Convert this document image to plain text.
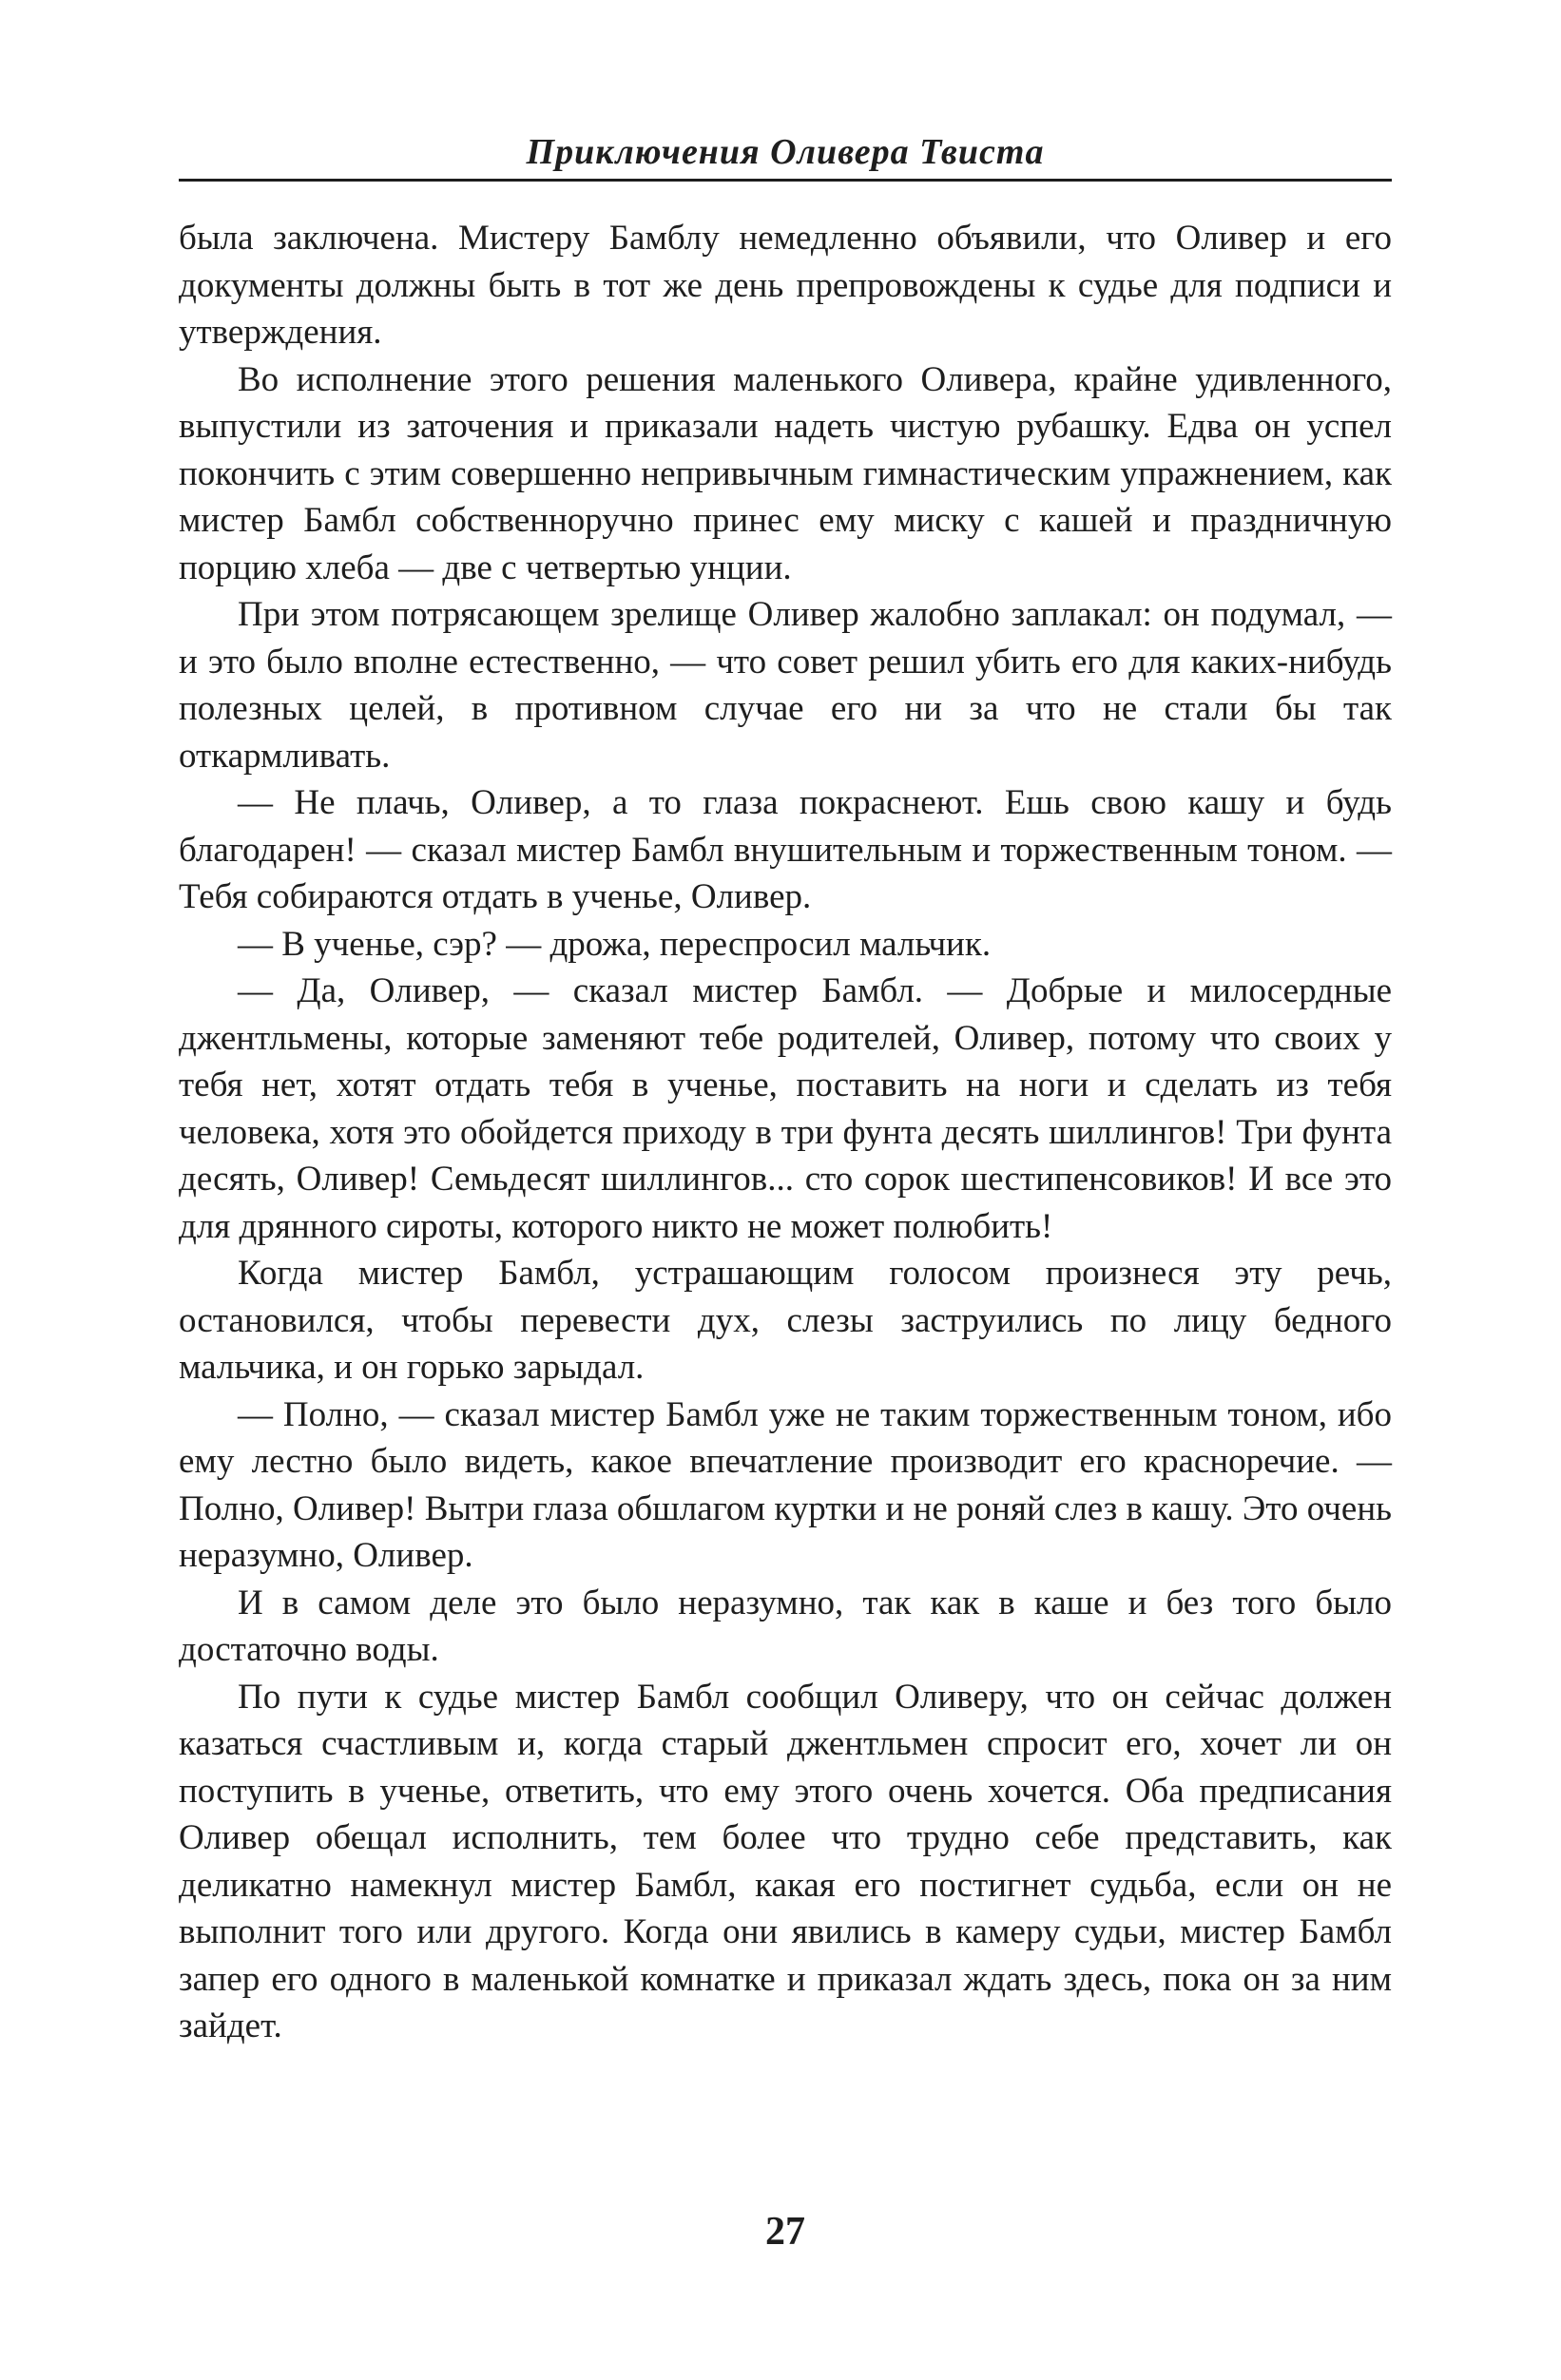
Приключения Оливера Твиста

была заключена. Мистеру Бамблу немедленно объявили, что Оливер и его документы должны быть в тот же день препровождены к судье для подписи и утверждения.

Во исполнение этого решения маленького Оливера, крайне удивленного, выпустили из заточения и приказали надеть чистую рубашку. Едва он успел покончить с этим совершенно непривычным гимнастическим упражнением, как мистер Бамбл собственноручно принес ему миску с кашей и праздничную порцию хлеба — две с четвертью унции.

При этом потрясающем зрелище Оливер жалобно заплакал: он подумал, — и это было вполне естественно, — что совет решил убить его для каких-нибудь полезных целей, в противном случае его ни за что не стали бы так откармливать.

— Не плачь, Оливер, а то глаза покраснеют. Ешь свою кашу и будь благодарен! — сказал мистер Бамбл внушительным и торжественным тоном. — Тебя собираются отдать в ученье, Оливер.

— В ученье, сэр? — дрожа, переспросил мальчик.

— Да, Оливер, — сказал мистер Бамбл. — Добрые и милосердные джентльмены, которые заменяют тебе родителей, Оливер, потому что своих у тебя нет, хотят отдать тебя в ученье, поставить на ноги и сделать из тебя человека, хотя это обойдется приходу в три фунта десять шиллингов! Три фунта десять, Оливер! Семьдесят шиллингов... сто сорок шестипенсовиков! И все это для дрянного сироты, которого никто не может полюбить!

Когда мистер Бамбл, устрашающим голосом произнеся эту речь, остановился, чтобы перевести дух, слезы заструились по лицу бедного мальчика, и он горько зарыдал.

— Полно, — сказал мистер Бамбл уже не таким торжественным тоном, ибо ему лестно было видеть, какое впечатление производит его красноречие. — Полно, Оливер! Вытри глаза обшлагом куртки и не роняй слез в кашу. Это очень неразумно, Оливер.

И в самом деле это было неразумно, так как в каше и без того было достаточно воды.

По пути к судье мистер Бамбл сообщил Оливеру, что он сейчас должен казаться счастливым и, когда старый джентльмен спросит его, хочет ли он поступить в ученье, ответить, что ему этого очень хочется. Оба предписания Оливер обещал исполнить, тем более что трудно себе представить, как деликатно намекнул мистер Бамбл, какая его постигнет судьба, если он не выполнит того или другого. Когда они явились в камеру судьи, мистер Бамбл запер его одного в маленькой комнатке и приказал ждать здесь, пока он за ним зайдет.

27
